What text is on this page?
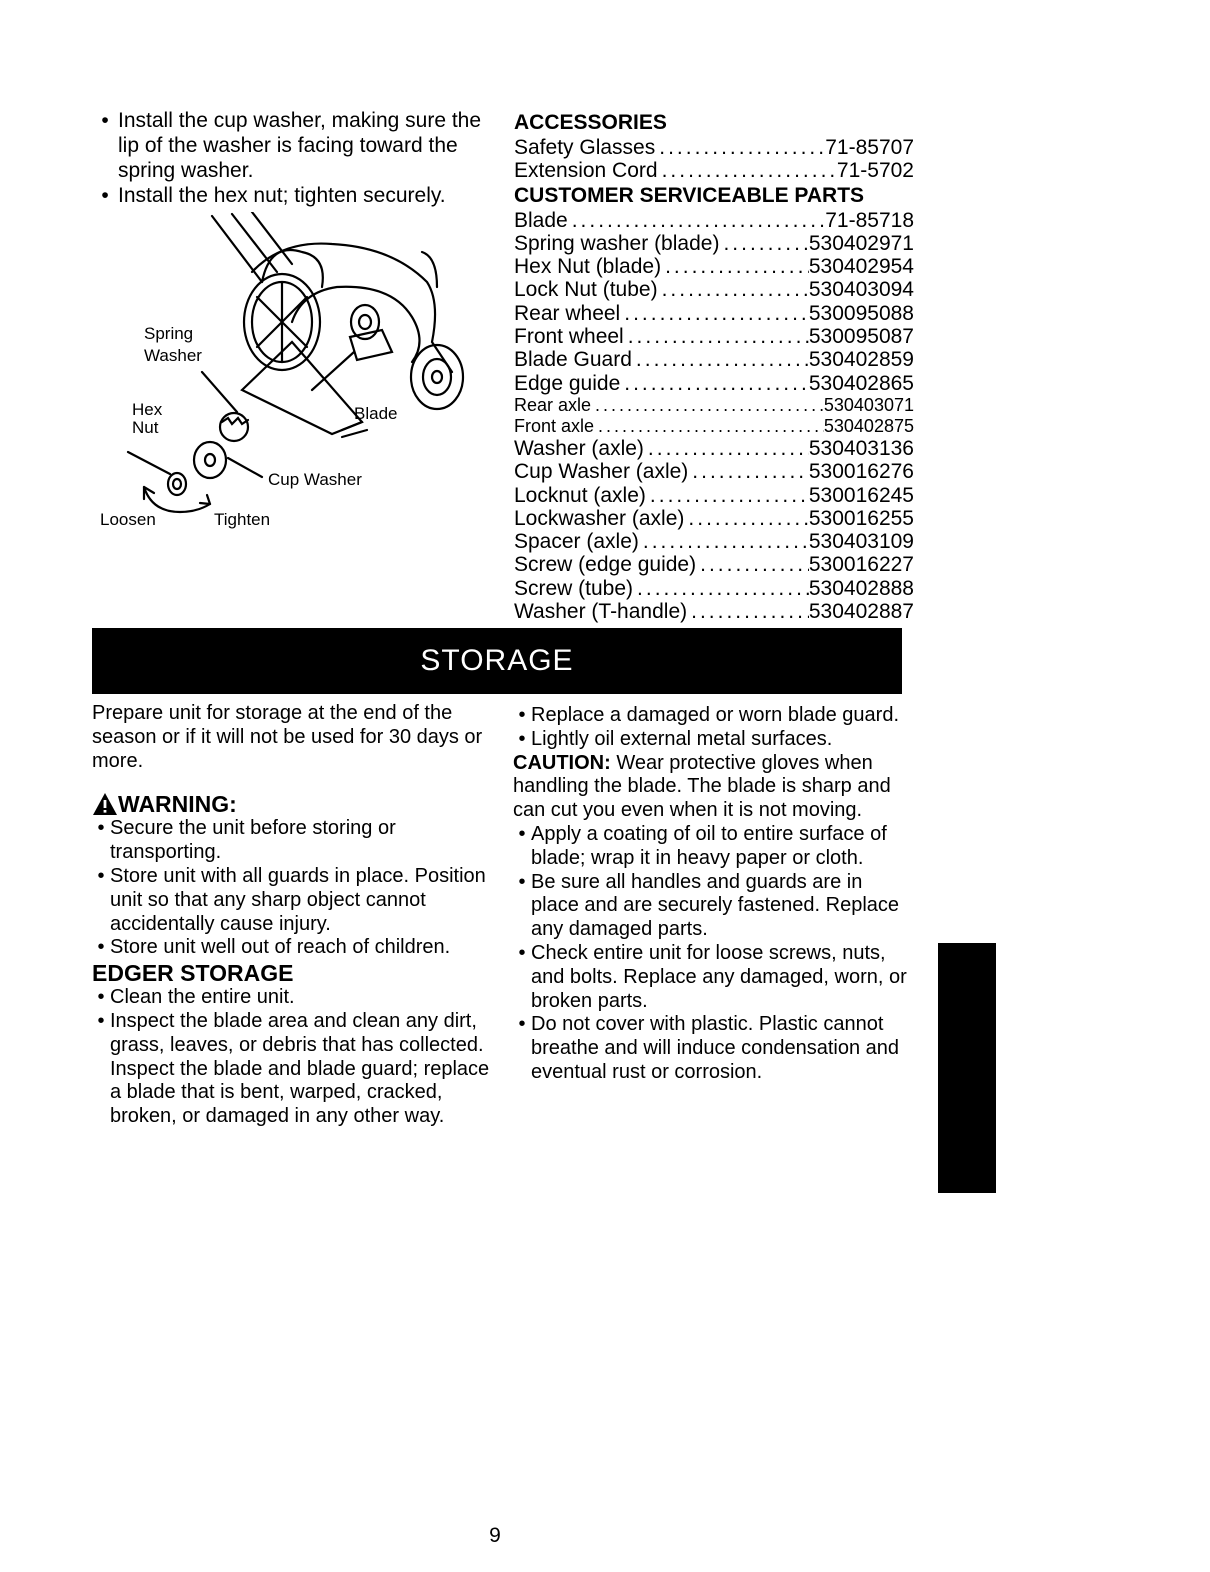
• Install the cup washer, making sure the lip of the washer is facing toward the spring washer.

• Install the hex nut; tighten securely.

Spring
Washer
Hex
Nut
Blade
Cup Washer
Loosen	Tighten
ACCESSORIES
Safety Glasses .....	71-85707
Extension Cord .....	71-5702
CUSTOMER SERVICEABLE PARTS
Blade .....	71-85718
Spring washer (blade) .....	530402971
Hex Nut (blade) .....	530402954
Lock Nut (tube) .....	530403094
Rear wheel .....	530095088
Front wheel .....	530095087
Blade Guard .....	530402859
Edge guide .....	530402865
Rear axle .....	530403071
Front axle .....	530402875
Washer (axle) .....	530403136
Cup Washer (axle) .....	530016276
Locknut (axle) .....	530016245
Lockwasher (axle) .....	530016255
Spacer (axle) .....	530403109
Screw (edge guide) .....	530016227
Screw (tube) .....	530402888
Washer (T-handle) .....	530402887
STORAGE

Prepare unit for storage at the end of the season or if it will not be used for 30 days or more.

WARNING:

• Secure the unit before storing or transporting.

• Store unit with all guards in place. Position unit so that any sharp object cannot accidentally cause injury.

• Store unit well out of reach of children.

EDGER STORAGE

• Clean the entire unit.

• Inspect the blade area and clean any dirt, grass, leaves, or debris that has collected. Inspect the blade and blade guard; replace a blade that is bent, warped, cracked, broken, or damaged in any other way.

• Replace a damaged or worn blade guard.

• Lightly oil external metal surfaces.

CAUTION: Wear protective gloves when handling the blade. The blade is sharp and can cut you even when it is not moving.

• Apply a coating of oil to entire surface of blade; wrap it in heavy paper or cloth.

• Be sure all handles and guards are in place and are securely fastened. Replace any damaged parts.

• Check entire unit for loose screws, nuts, and bolts. Replace any damaged, worn, or broken parts.

• Do not cover with plastic. Plastic cannot breathe and will induce condensation and eventual rust or corrosion.

9
